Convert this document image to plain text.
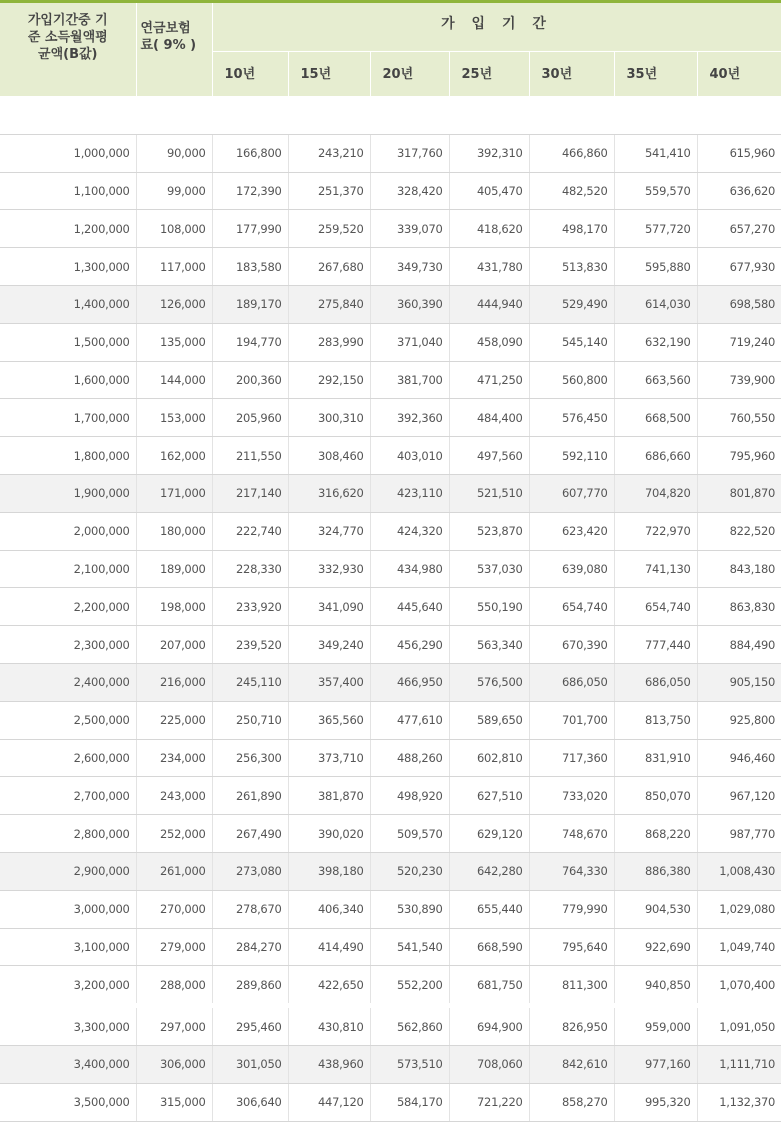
가입기간중 기
준 소득월액평
균액(B값)	연금보험
료( 9% )	가 입 기 간						
		10년	15년	20년	25년	30년	35년	40년

1,000,000	90,000	166,800	243,210	317,760	392,310	466,860	541,410	615,960
1,100,000	99,000	172,390	251,370	328,420	405,470	482,520	559,570	636,620
1,200,000	108,000	177,990	259,520	339,070	418,620	498,170	577,720	657,270
1,300,000	117,000	183,580	267,680	349,730	431,780	513,830	595,880	677,930
1,400,000	126,000	189,170	275,840	360,390	444,940	529,490	614,030	698,580
1,500,000	135,000	194,770	283,990	371,040	458,090	545,140	632,190	719,240
1,600,000	144,000	200,360	292,150	381,700	471,250	560,800	663,560	739,900
1,700,000	153,000	205,960	300,310	392,360	484,400	576,450	668,500	760,550
1,800,000	162,000	211,550	308,460	403,010	497,560	592,110	686,660	795,960
1,900,000	171,000	217,140	316,620	423,110	521,510	607,770	704,820	801,870
2,000,000	180,000	222,740	324,770	424,320	523,870	623,420	722,970	822,520
2,100,000	189,000	228,330	332,930	434,980	537,030	639,080	741,130	843,180
2,200,000	198,000	233,920	341,090	445,640	550,190	654,740	654,740	863,830
2,300,000	207,000	239,520	349,240	456,290	563,340	670,390	777,440	884,490
2,400,000	216,000	245,110	357,400	466,950	576,500	686,050	686,050	905,150
2,500,000	225,000	250,710	365,560	477,610	589,650	701,700	813,750	925,800
2,600,000	234,000	256,300	373,710	488,260	602,810	717,360	831,910	946,460
2,700,000	243,000	261,890	381,870	498,920	627,510	733,020	850,070	967,120
2,800,000	252,000	267,490	390,020	509,570	629,120	748,670	868,220	987,770
2,900,000	261,000	273,080	398,180	520,230	642,280	764,330	886,380	1,008,430
3,000,000	270,000	278,670	406,340	530,890	655,440	779,990	904,530	1,029,080
3,100,000	279,000	284,270	414,490	541,540	668,590	795,640	922,690	1,049,740
3,200,000	288,000	289,860	422,650	552,200	681,750	811,300	940,850	1,070,400
3,300,000	297,000	295,460	430,810	562,860	694,900	826,950	959,000	1,091,050
3,400,000	306,000	301,050	438,960	573,510	708,060	842,610	977,160	1,111,710
3,500,000	315,000	306,640	447,120	584,170	721,220	858,270	995,320	1,132,370
